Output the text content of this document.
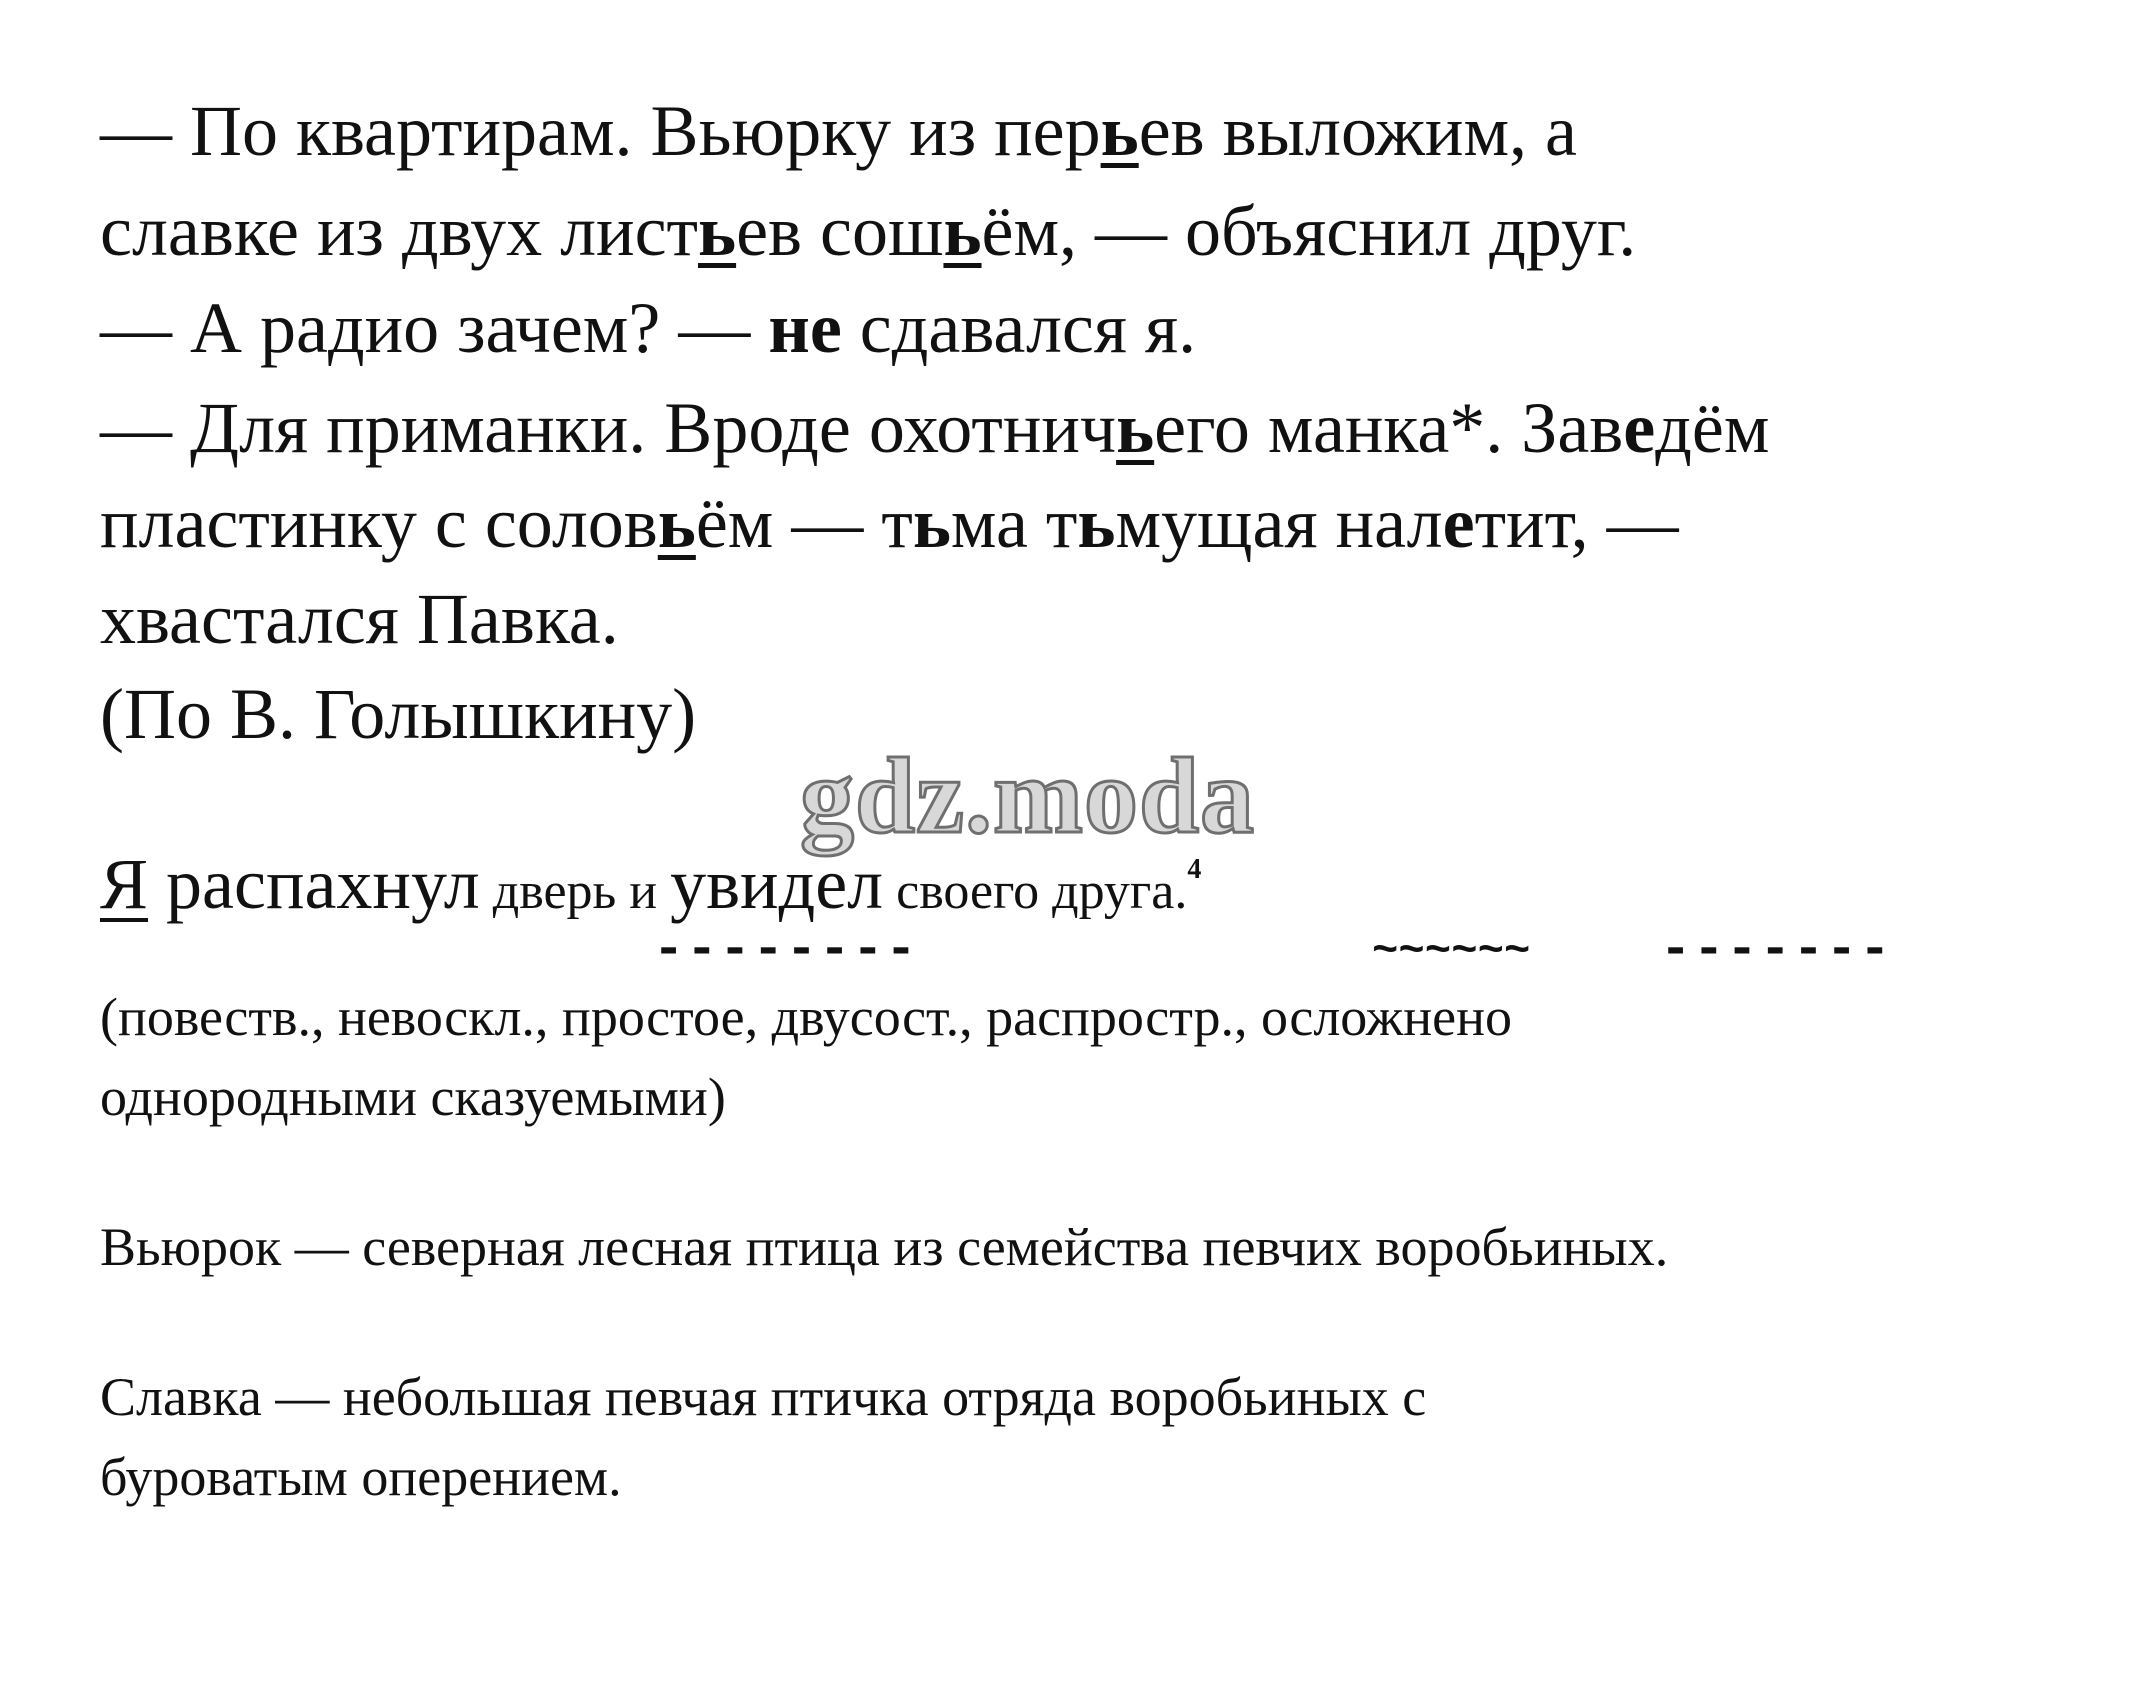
— По квартирам. Вьюрку из перьев выложим, а
славке из двух листьев сошьём, — объяснил друг.
— А радио зачем? — не сдавался я.
— Для приманки. Вроде охотничьего манка*. Заведём
пластинку с соловьём — тьма тьмущая налетит, —
хвастался Павка.
(По В. Голышкину)
gdz.moda
Я распахнул дверь и увидел своего друга.$^4$
--------	~~~~~~ -------
(повеств., невоскл., простое, двусост., распростр., осложнено
однородными сказуемыми)
Вьюрок — северная лесная птица из семейства певчих воробьиных.
Славка — небольшая певчая птичка отряда воробьиных с
буроватым оперением.
